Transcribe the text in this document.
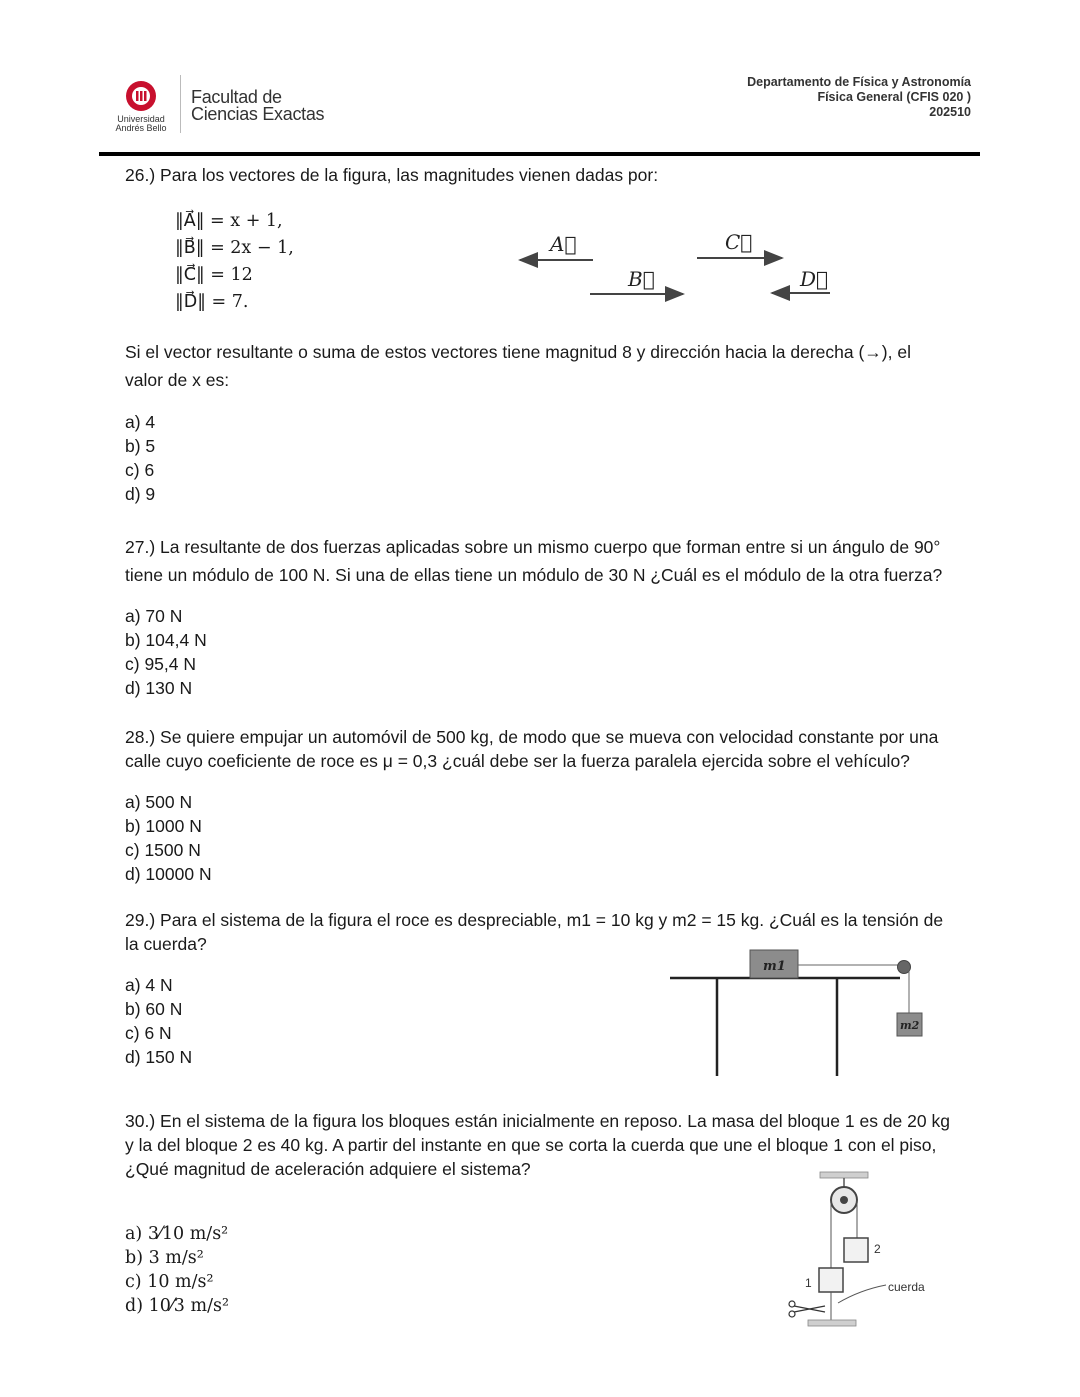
Universidad
Andrés Bello
Facultad de
Ciencias Exactas
Departamento de Física y Astronomía
Física General (CFIS 020 )
202510
26.) Para los vectores de la figura, las magnitudes vienen dadas por:
‖A⃗‖ = x + 1,
‖B⃗‖ = 2x − 1,
‖C⃗‖ = 12
‖D⃗‖ = 7.
A⃗
B⃗
C⃗
D⃗
Si el vector resultante o suma de estos vectores tiene magnitud 8 y dirección hacia la derecha (→), el valor de x es:
a) 4
b) 5
c) 6
d) 9
27.) La resultante de dos fuerzas aplicadas sobre un mismo cuerpo que forman entre si un ángulo de 90° tiene un módulo de 100 N. Si una de ellas tiene un módulo de 30 N ¿Cuál es el módulo de la otra fuerza?
a) 70 N
b) 104,4 N
c) 95,4 N
d) 130 N
28.) Se quiere empujar un automóvil de 500 kg, de modo que se mueva con velocidad constante por una calle cuyo coeficiente de roce es μ = 0,3 ¿cuál debe ser la fuerza paralela ejercida sobre el vehículo?
a) 500 N
b) 1000 N
c) 1500 N
d) 10000 N
29.) Para el sistema de la figura el roce es despreciable, m1 = 10 kg y m2 = 15 kg. ¿Cuál es la tensión de la cuerda?
a) 4 N
b) 60 N
c) 6 N
d) 150 N
m1
m2
30.) En el sistema de la figura los bloques están inicialmente en reposo. La masa del bloque 1 es de 20 kg y la del bloque 2 es 40 kg. A partir del instante en que se corta la cuerda que une el bloque 1 con el piso, ¿Qué magnitud de aceleración adquiere el sistema?
a) 3⁄10 m/s²
b) 3 m/s²
c) 10 m/s²
d) 10⁄3 m/s²
2
1	cuerda
